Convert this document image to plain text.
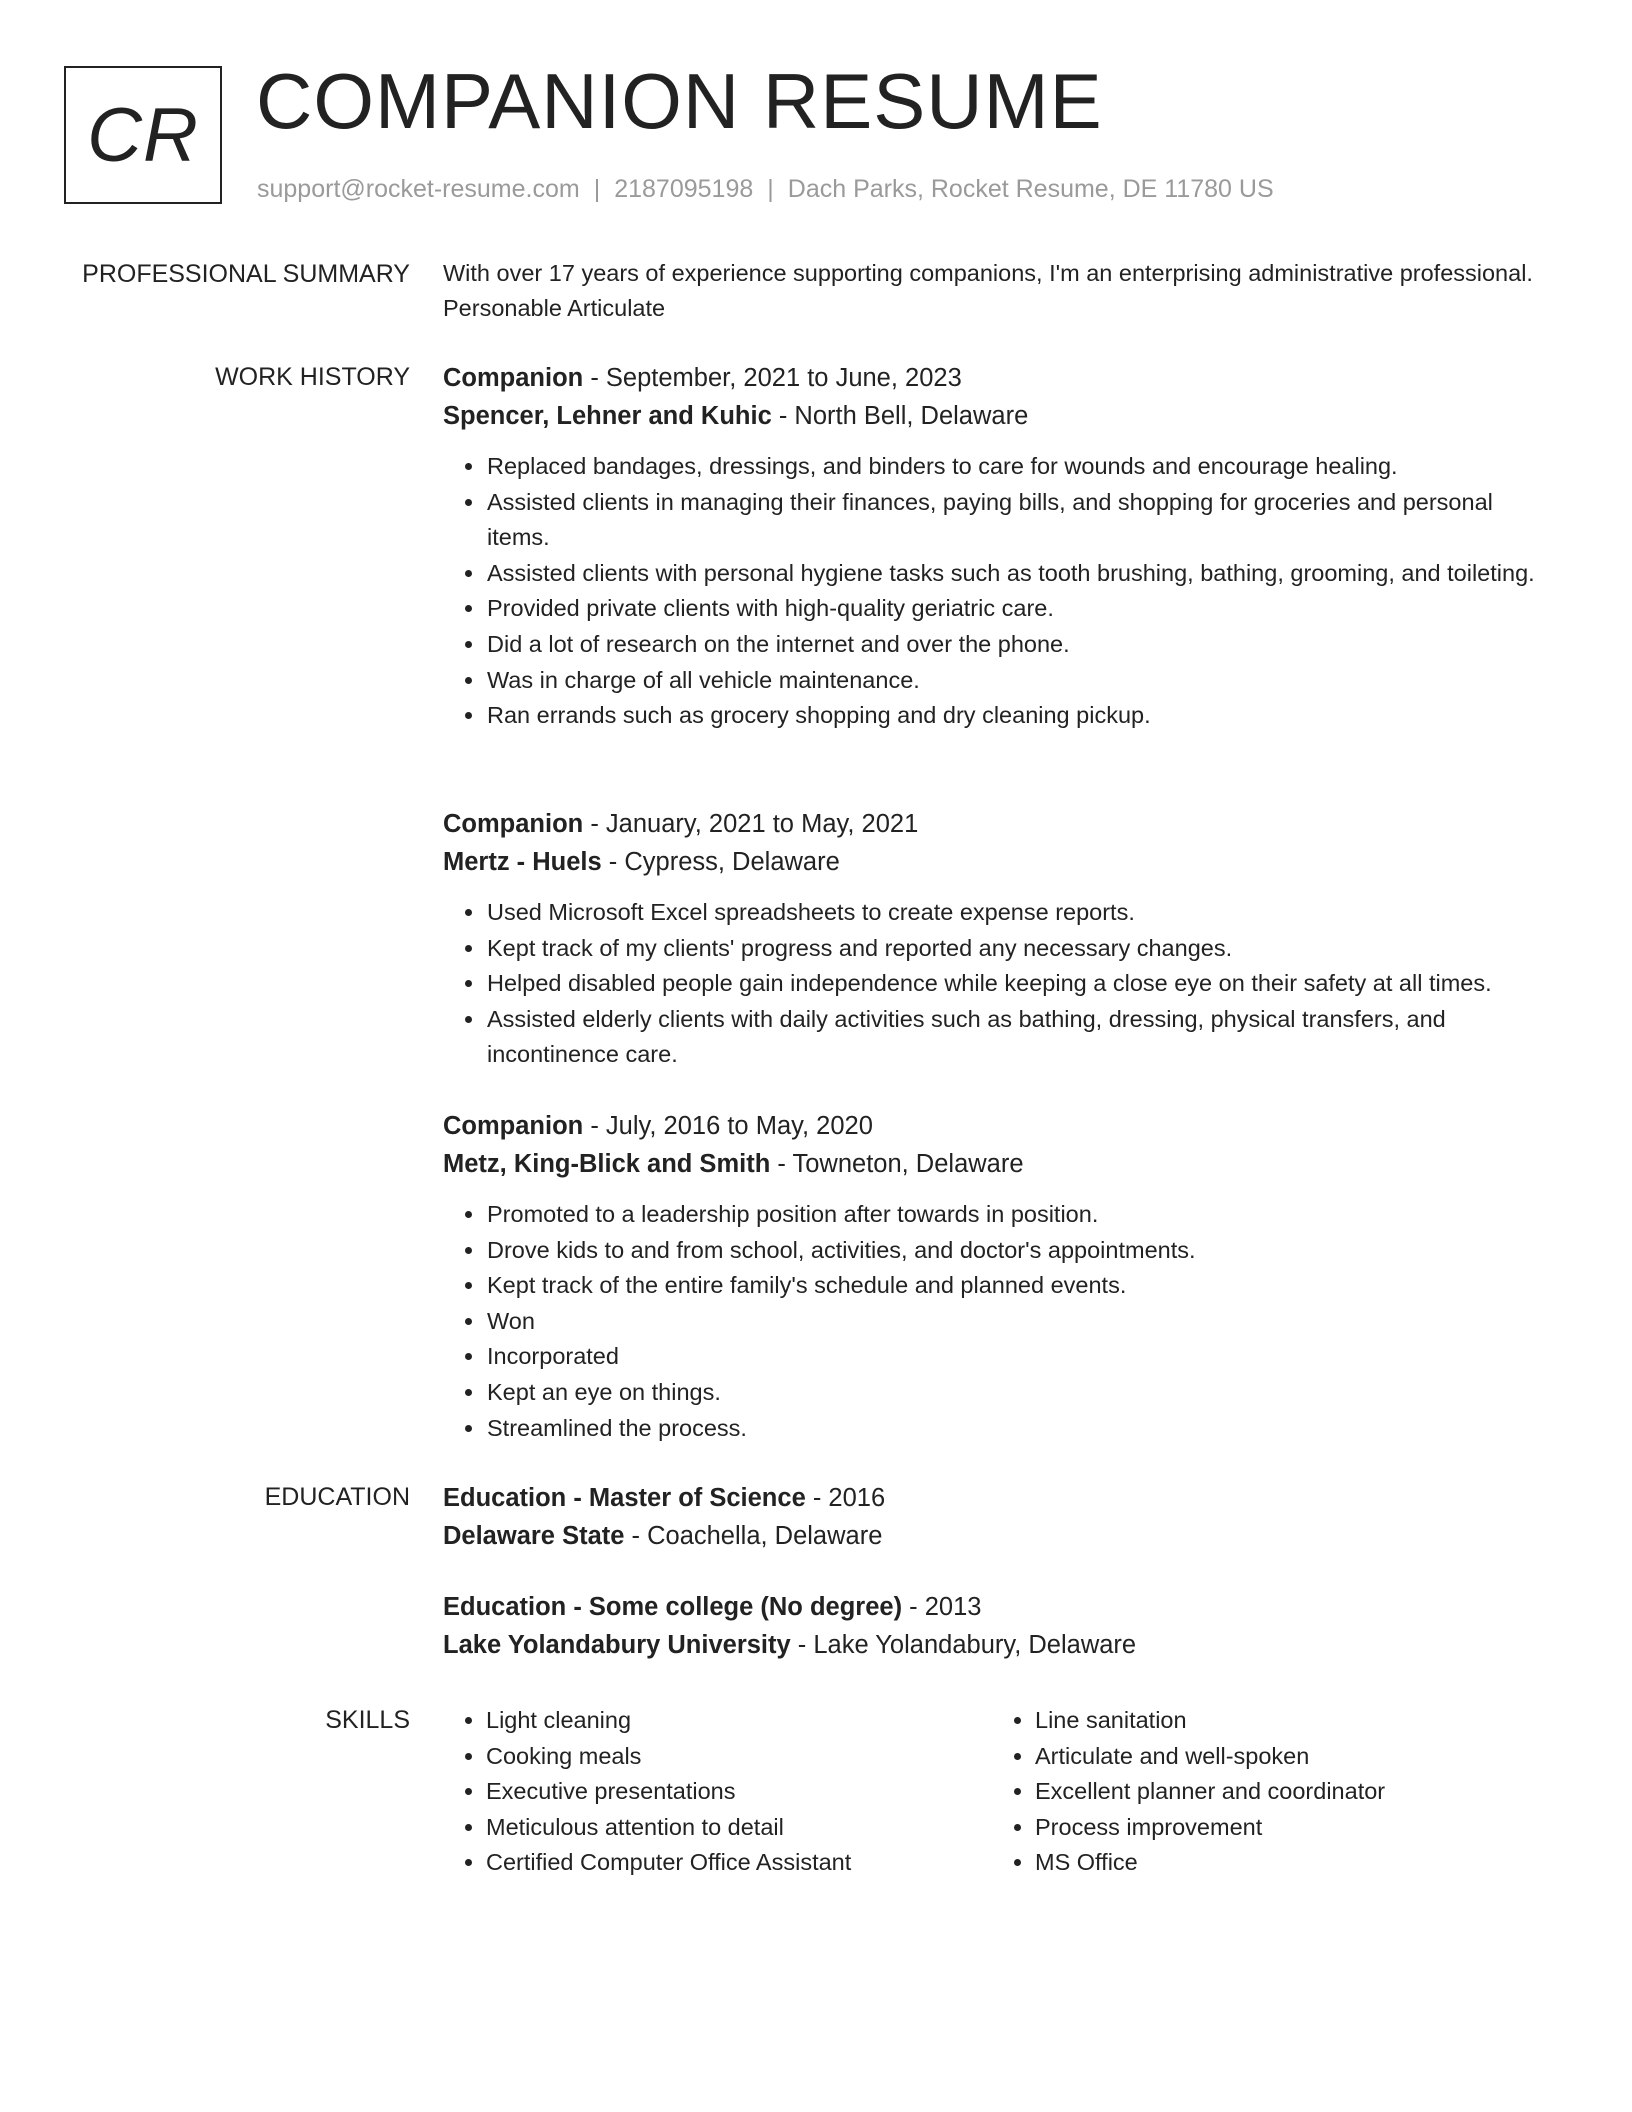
CR COMPANION RESUME
support@rocket-resume.com | 2187095198 | Dach Parks, Rocket Resume, DE 11780 US
PROFESSIONAL SUMMARY With over 17 years of experience supporting companions, I'm an enterprising administrative professional. Personable Articulate

WORK HISTORY Companion - September, 2021 to June, 2023
Spencer, Lehner and Kuhic - North Bell, Delaware
• Replaced bandages, dressings, and binders to care for wounds and encourage healing.
• Assisted clients in managing their finances, paying bills, and shopping for groceries and personal items.
• Assisted clients with personal hygiene tasks such as tooth brushing, bathing, grooming, and toileting.
• Provided private clients with high-quality geriatric care.
• Did a lot of research on the internet and over the phone.
• Was in charge of all vehicle maintenance.
• Ran errands such as grocery shopping and dry cleaning pickup.
Companion - January, 2021 to May, 2021
Mertz - Huels - Cypress, Delaware
• Used Microsoft Excel spreadsheets to create expense reports.
• Kept track of my clients' progress and reported any necessary changes.
• Helped disabled people gain independence while keeping a close eye on their safety at all times.
• Assisted elderly clients with daily activities such as bathing, dressing, physical transfers, and incontinence care.
Companion - July, 2016 to May, 2020
Metz, King-Blick and Smith - Towneton, Delaware
• Promoted to a leadership position after towards in position.
• Drove kids to and from school, activities, and doctor's appointments.
• Kept track of the entire family's schedule and planned events.
• Won
• Incorporated
• Kept an eye on things.
• Streamlined the process.
EDUCATION Education - Master of Science - 2016
Delaware State - Coachella, Delaware
Education - Some college (No degree) - 2013
Lake Yolandabury University - Lake Yolandabury, Delaware
SKILLS
•	Light cleaning
• Cooking meals
• Executive presentations
• Meticulous attention to detail
• Certified Computer Office Assistant
• Line sanitation
• Articulate and well-spoken
• Excellent planner and coordinator
• Process improvement
• MS Office
